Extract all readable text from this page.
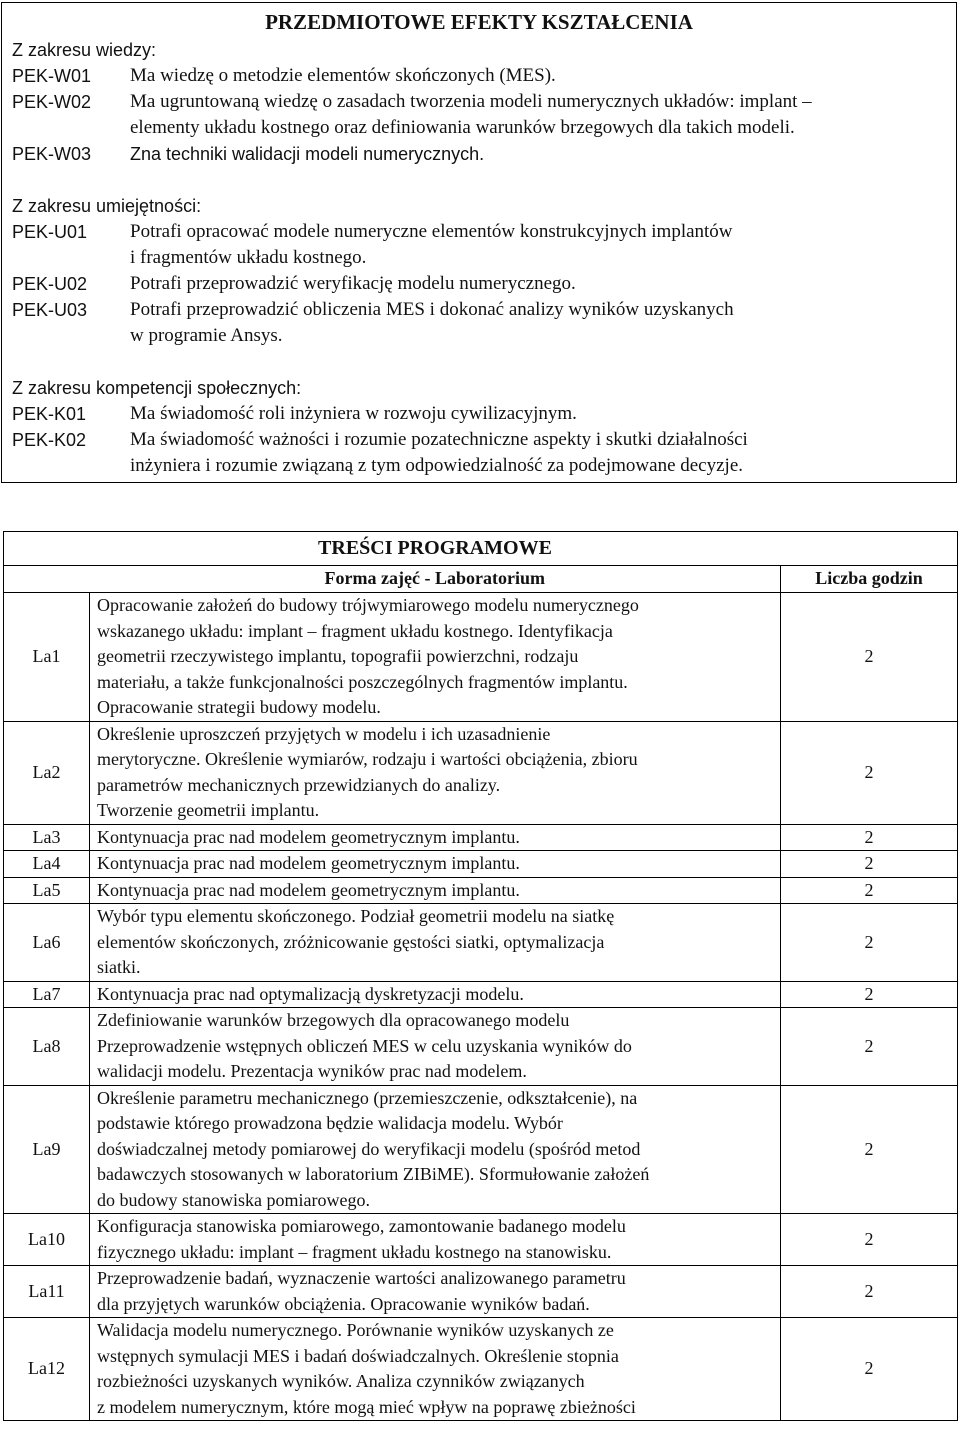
PRZEDMIOTOWE EFEKTY KSZTAŁCENIA
Z zakresu wiedzy:
PEK-W01	Ma wiedzę o metodzie elementów skończonych (MES).
PEK-W02	Ma ugruntowaną wiedzę o zasadach tworzenia modeli numerycznych układów: implant –
elementy układu kostnego oraz definiowania warunków brzegowych dla takich modeli.
PEK-W03	Zna techniki walidacji modeli numerycznych.
Z zakresu umiejętności:
PEK-U01	Potrafi opracować modele numeryczne elementów konstrukcyjnych implantów
i fragmentów układu kostnego.
PEK-U02	Potrafi przeprowadzić weryfikację modelu numerycznego.
PEK-U03	Potrafi przeprowadzić obliczenia MES i dokonać analizy wyników uzyskanych
w programie Ansys.
Z zakresu kompetencji społecznych:
PEK-K01	Ma świadomość roli inżyniera w rozwoju cywilizacyjnym.
PEK-K02	Ma świadomość ważności i rozumie pozatechniczne aspekty i skutki działalności
inżyniera i rozumie związaną z tym odpowiedzialność za podejmowane decyzje.
	TREŚCI PROGRAMOWE	
	Forma zajęć - Laboratorium	Liczba godzin
La1	Opracowanie założeń do budowy trójwymiarowego modelu numerycznego
wskazanego układu: implant – fragment układu kostnego. Identyfikacja
geometrii rzeczywistego implantu, topografii powierzchni, rodzaju
materiału, a także funkcjonalności poszczególnych fragmentów implantu.
Opracowanie strategii budowy modelu.	2
La2	Określenie uproszczeń przyjętych w modelu i ich uzasadnienie
merytoryczne. Określenie wymiarów, rodzaju i wartości obciążenia, zbioru
parametrów mechanicznych przewidzianych do analizy.
Tworzenie geometrii implantu.	2
La3	Kontynuacja prac nad modelem geometrycznym implantu.	2
La4	Kontynuacja prac nad modelem geometrycznym implantu.	2
La5	Kontynuacja prac nad modelem geometrycznym implantu.	2
La6	Wybór typu elementu skończonego. Podział geometrii modelu na siatkę
elementów skończonych, zróżnicowanie gęstości siatki, optymalizacja
siatki.	2
La7	Kontynuacja prac nad optymalizacją dyskretyzacji modelu.	2
La8	Zdefiniowanie warunków brzegowych dla opracowanego modelu
Przeprowadzenie wstępnych obliczeń MES w celu uzyskania wyników do
walidacji modelu. Prezentacja wyników prac nad modelem.	2
La9	Określenie parametru mechanicznego (przemieszczenie, odkształcenie), na
podstawie którego prowadzona będzie walidacja modelu. Wybór
doświadczalnej metody pomiarowej do weryfikacji modelu (spośród metod
badawczych stosowanych w laboratorium ZIBiME). Sformułowanie założeń
do budowy stanowiska pomiarowego.	2
La10	Konfiguracja stanowiska pomiarowego, zamontowanie badanego modelu
fizycznego układu: implant – fragment układu kostnego na stanowisku.	2
La11	Przeprowadzenie badań, wyznaczenie wartości analizowanego parametru
dla przyjętych warunków obciążenia. Opracowanie wyników badań.	2
La12	Walidacja modelu numerycznego. Porównanie wyników uzyskanych ze
wstępnych symulacji MES i badań doświadczalnych. Określenie stopnia
rozbieżności uzyskanych wyników. Analiza czynników związanych
z modelem numerycznym, które mogą mieć wpływ na poprawę zbieżności	2
